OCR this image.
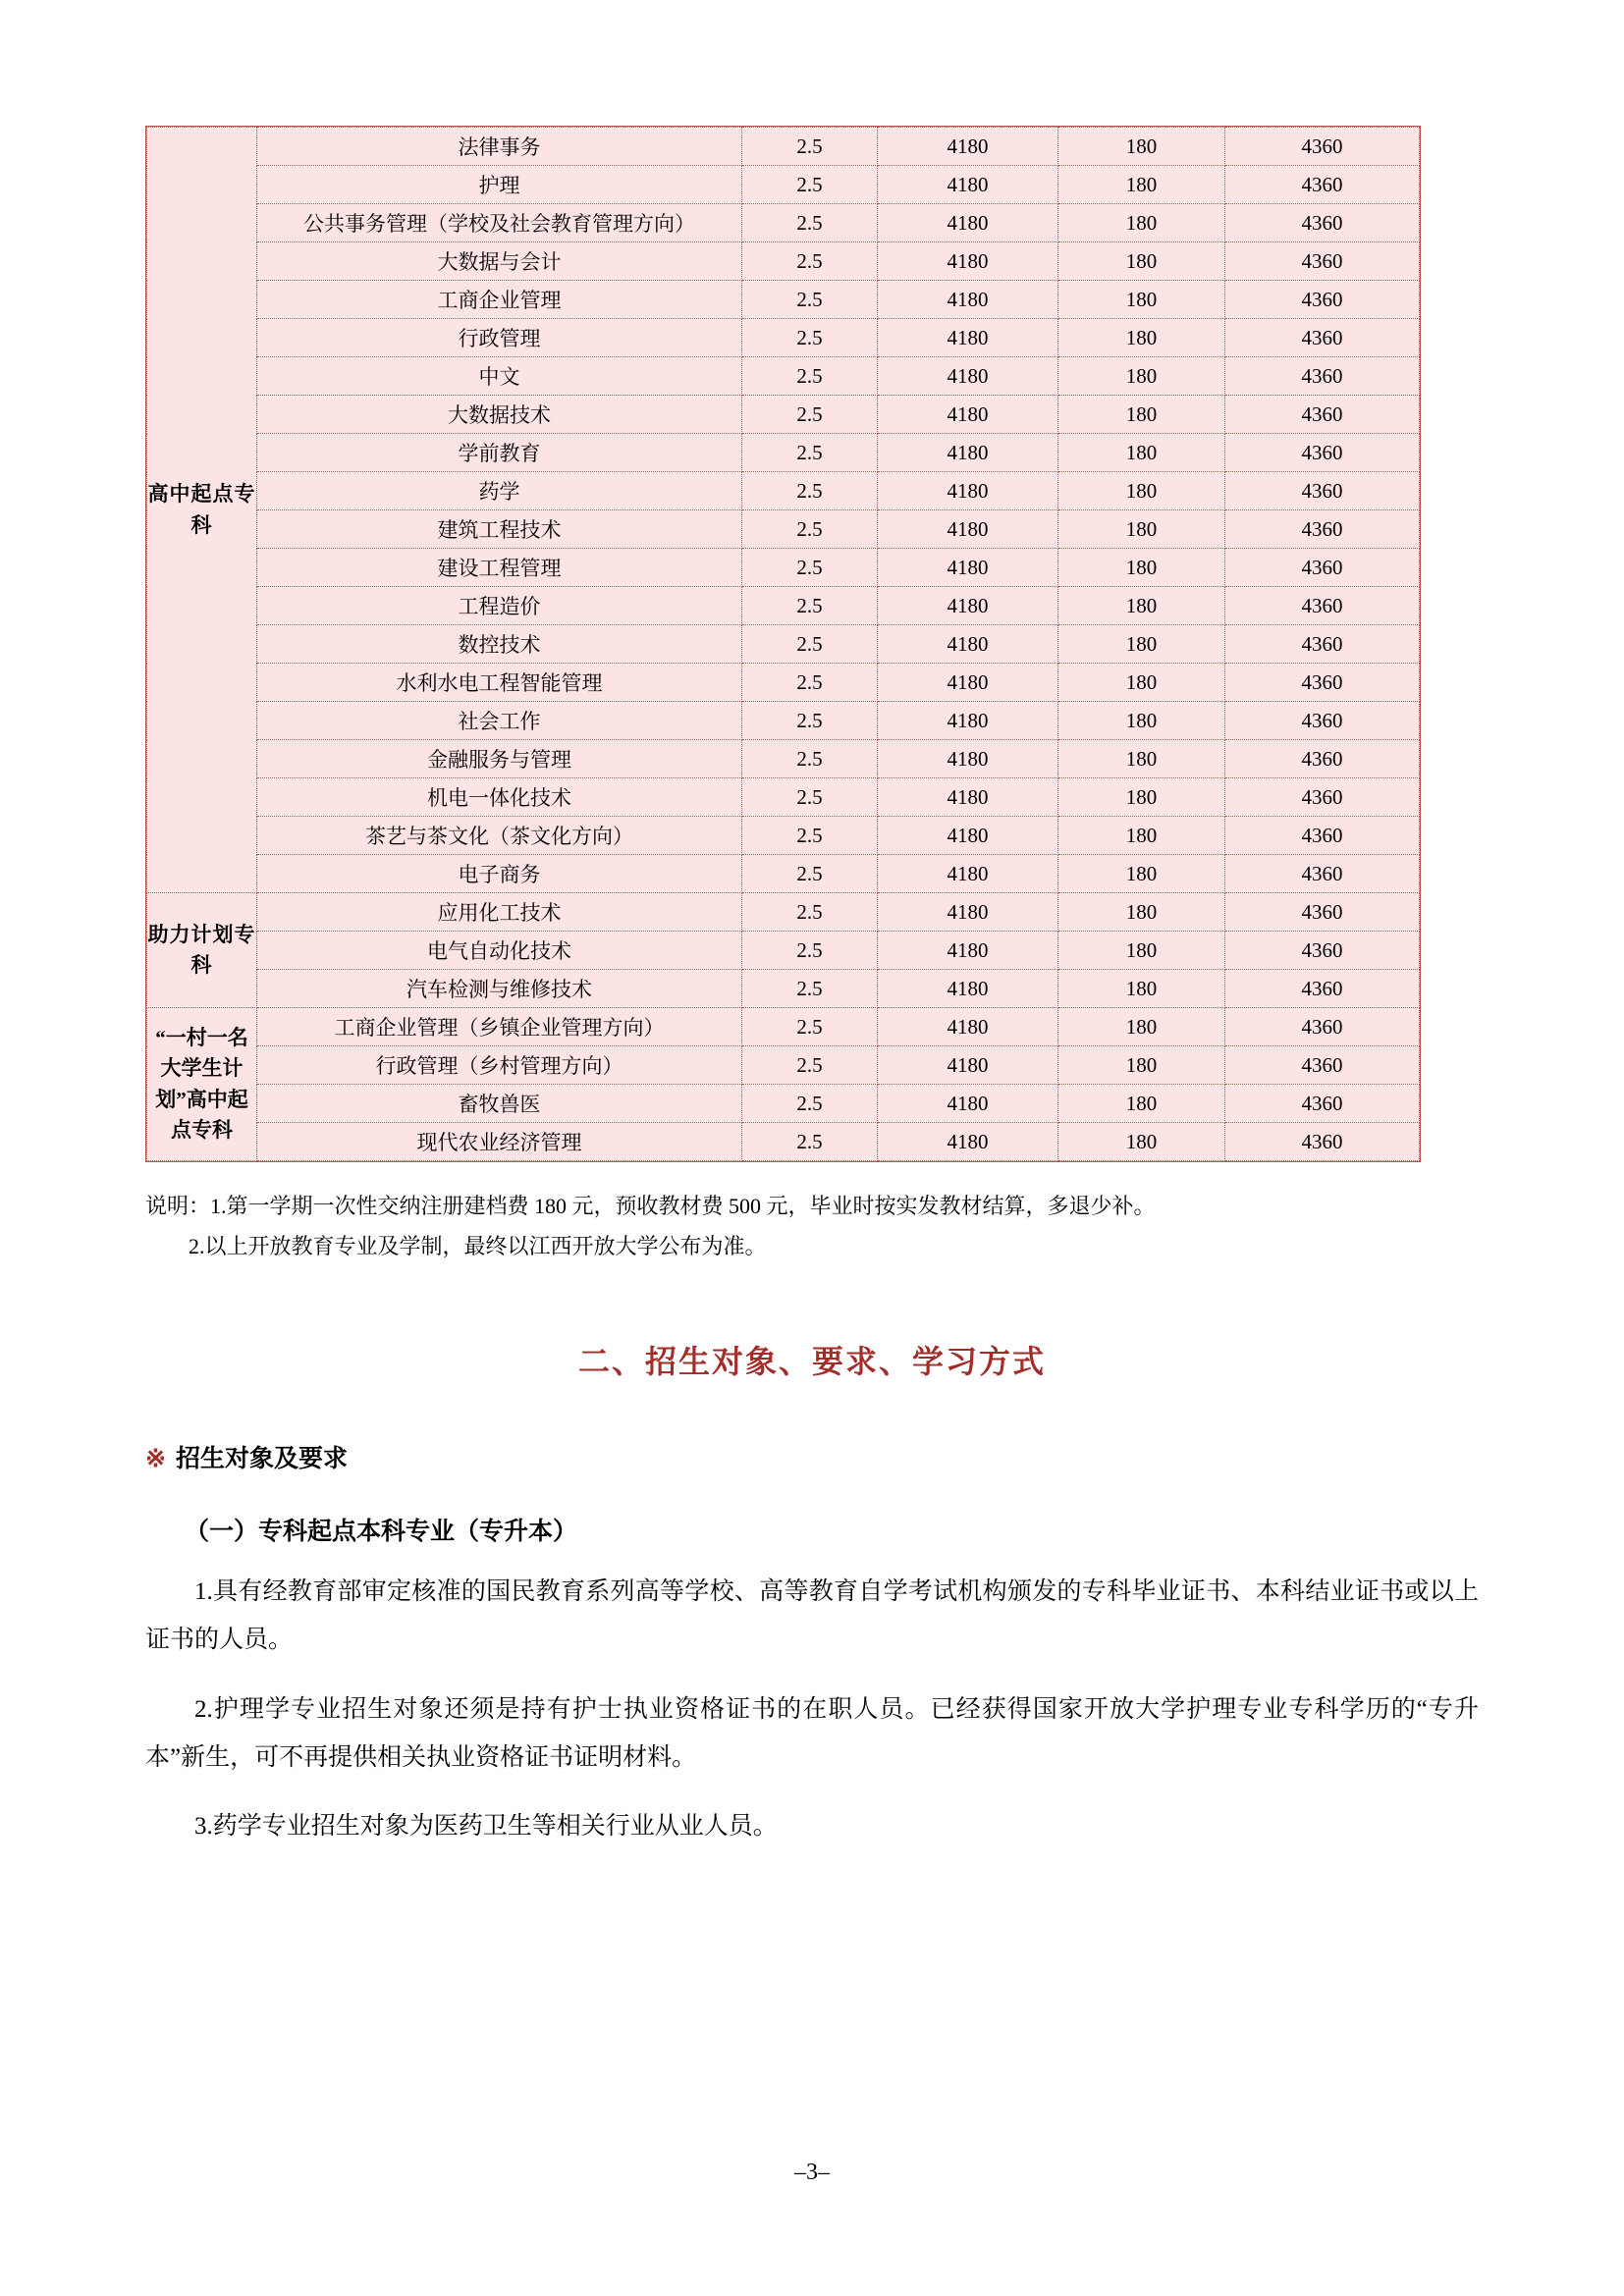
高中起点专科	法律事务	2.5	4180	180	4360
	护理	2.5	4180	180	4360
	公共事务管理（学校及社会教育管理方向）	2.5	4180	180	4360
	大数据与会计	2.5	4180	180	4360
	工商企业管理	2.5	4180	180	4360
	行政管理	2.5	4180	180	4360
	中文	2.5	4180	180	4360
	大数据技术	2.5	4180	180	4360
	学前教育	2.5	4180	180	4360
	药学	2.5	4180	180	4360
	建筑工程技术	2.5	4180	180	4360
	建设工程管理	2.5	4180	180	4360
	工程造价	2.5	4180	180	4360
	数控技术	2.5	4180	180	4360
	水利水电工程智能管理	2.5	4180	180	4360
	社会工作	2.5	4180	180	4360
	金融服务与管理	2.5	4180	180	4360
	机电一体化技术	2.5	4180	180	4360
	茶艺与茶文化（茶文化方向）	2.5	4180	180	4360
	电子商务	2.5	4180	180	4360
助力计划专科	应用化工技术	2.5	4180	180	4360
	电气自动化技术	2.5	4180	180	4360
	汽车检测与维修技术	2.5	4180	180	4360
“一村一名大学生计划”高中起点专科	工商企业管理（乡镇企业管理方向）	2.5	4180	180	4360
	行政管理（乡村管理方向）	2.5	4180	180	4360
	畜牧兽医	2.5	4180	180	4360
	现代农业经济管理	2.5	4180	180	4360
说明：1.第一学期一次性交纳注册建档费 180 元，预收教材费 500 元，毕业时按实发教材结算，多退少补。
2.以上开放教育专业及学制，最终以江西开放大学公布为准。
二、招生对象、要求、学习方式
※ 招生对象及要求
（一）专科起点本科专业（专升本）

1.具有经教育部审定核准的国民教育系列高等学校、高等教育自学考试机构颁发的专科毕业证书、本科结业证书或以上证书的人员。

2.护理学专业招生对象还须是持有护士执业资格证书的在职人员。已经获得国家开放大学护理专业专科学历的“专升本”新生，可不再提供相关执业资格证书证明材料。

3.药学专业招生对象为医药卫生等相关行业从业人员。

–3–
